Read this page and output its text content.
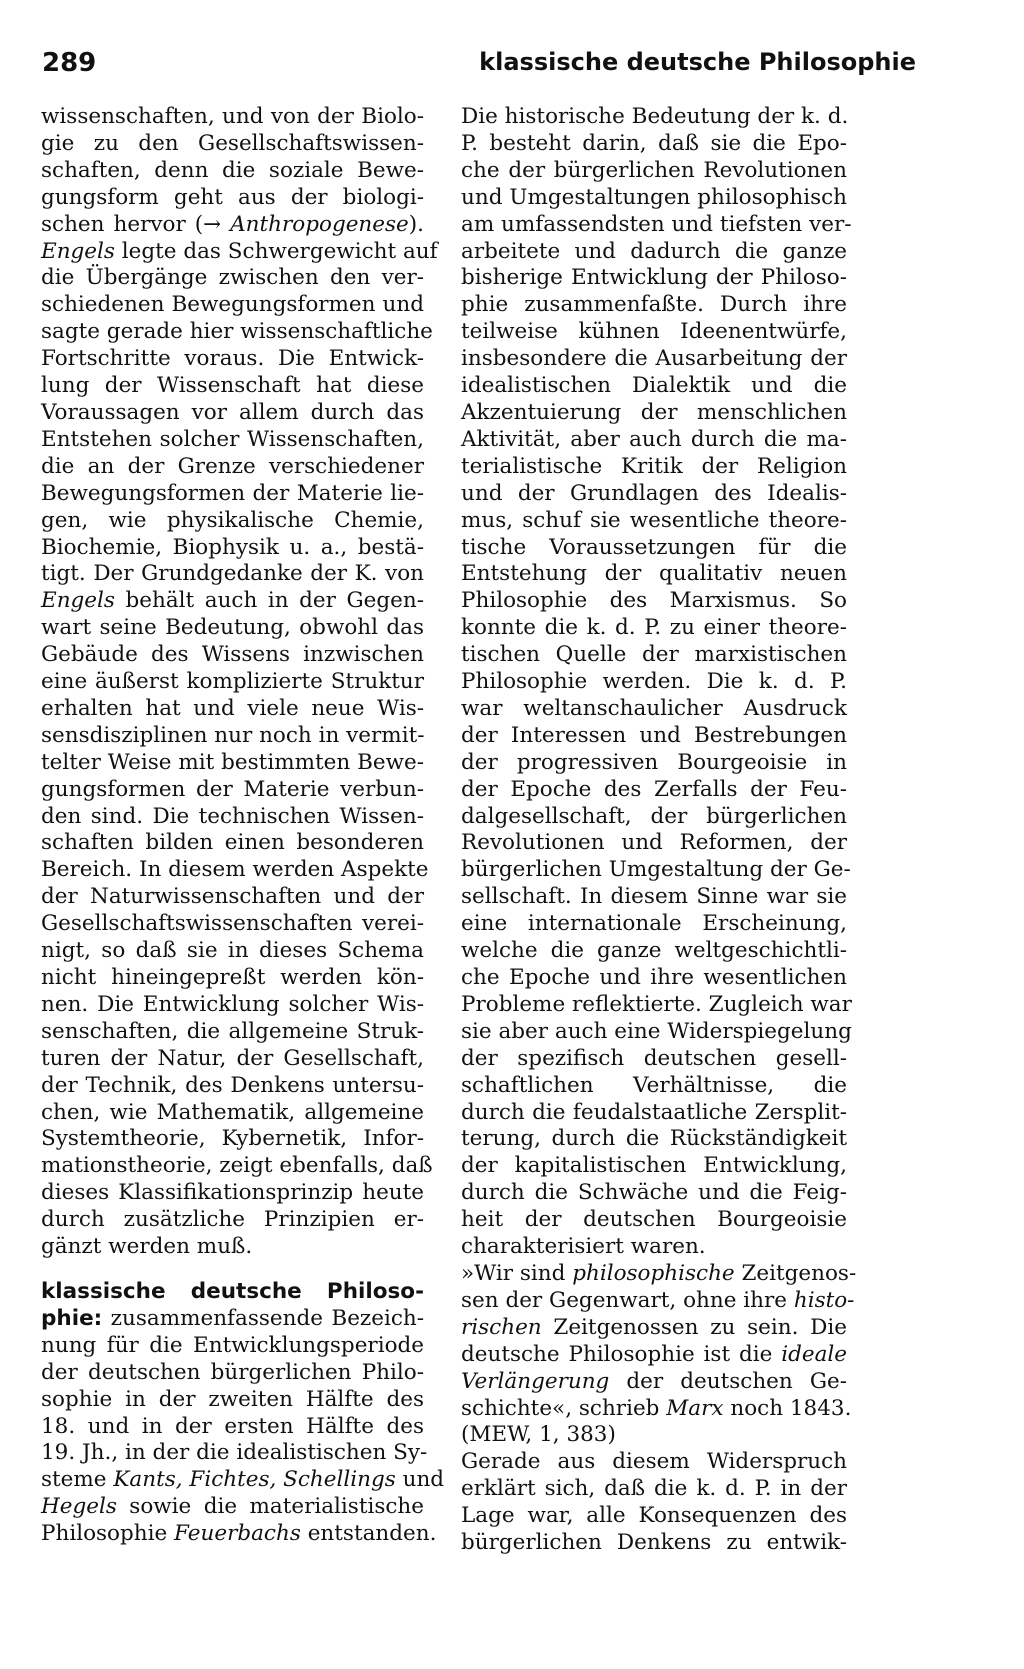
289	klassische deutsche Philosophie
wissenschaften, und von der Biolo-
gie zu den Gesellschaftswissen-
schaften, denn die soziale Bewe-
gungsform geht aus der biologi-
schen hervor (→ Anthropogenese).
Engels legte das Schwergewicht auf
die Übergänge zwischen den ver-
schiedenen Bewegungsformen und
sagte gerade hier wissenschaftliche
Fortschritte voraus. Die Entwick-
lung der Wissenschaft hat diese
Voraussagen vor allem durch das
Entstehen solcher Wissenschaften,
die an der Grenze verschiedener
Bewegungsformen der Materie lie-
gen, wie physikalische Chemie,
Biochemie, Biophysik u. a., bestä-
tigt. Der Grundgedanke der K. von
Engels behält auch in der Gegen-
wart seine Bedeutung, obwohl das
Gebäude des Wissens inzwischen
eine äußerst komplizierte Struktur
erhalten hat und viele neue Wis-
sensdisziplinen nur noch in vermit-
telter Weise mit bestimmten Bewe-
gungsformen der Materie verbun-
den sind. Die technischen Wissen-
schaften bilden einen besonderen
Bereich. In diesem werden Aspekte
der Naturwissenschaften und der
Gesellschaftswissenschaften verei-
nigt, so daß sie in dieses Schema
nicht hineingepreßt werden kön-
nen. Die Entwicklung solcher Wis-
senschaften, die allgemeine Struk-
turen der Natur, der Gesellschaft,
der Technik, des Denkens untersu-
chen, wie Mathematik, allgemeine
Systemtheorie, Kybernetik, Infor-
mationstheorie, zeigt ebenfalls, daß
dieses Klassifikationsprinzip heute
durch zusätzliche Prinzipien er-
gänzt werden muß.
klassische deutsche Philoso-
phie: zusammenfassende Bezeich-
nung für die Entwicklungsperiode
der deutschen bürgerlichen Philo-
sophie in der zweiten Hälfte des
18. und in der ersten Hälfte des
19. Jh., in der die idealistischen Sy-
steme Kants, Fichtes, Schellings und
Hegels sowie die materialistische
Philosophie Feuerbachs entstanden.
Die historische Bedeutung der k. d.
P. besteht darin, daß sie die Epo-
che der bürgerlichen Revolutionen
und Umgestaltungen philosophisch
am umfassendsten und tiefsten ver-
arbeitete und dadurch die ganze
bisherige Entwicklung der Philoso-
phie zusammenfaßte. Durch ihre
teilweise kühnen Ideenentwürfe,
insbesondere die Ausarbeitung der
idealistischen Dialektik und die
Akzentuierung der menschlichen
Aktivität, aber auch durch die ma-
terialistische Kritik der Religion
und der Grundlagen des Idealis-
mus, schuf sie wesentliche theore-
tische Voraussetzungen für die
Entstehung der qualitativ neuen
Philosophie des Marxismus. So
konnte die k. d. P. zu einer theore-
tischen Quelle der marxistischen
Philosophie werden. Die k. d. P.
war weltanschaulicher Ausdruck
der Interessen und Bestrebungen
der progressiven Bourgeoisie in
der Epoche des Zerfalls der Feu-
dalgesellschaft, der bürgerlichen
Revolutionen und Reformen, der
bürgerlichen Umgestaltung der Ge-
sellschaft. In diesem Sinne war sie
eine internationale Erscheinung,
welche die ganze weltgeschichtli-
che Epoche und ihre wesentlichen
Probleme reflektierte. Zugleich war
sie aber auch eine Widerspiegelung
der spezifisch deutschen gesell-
schaftlichen Verhältnisse, die
durch die feudalstaatliche Zersplit-
terung, durch die Rückständigkeit
der kapitalistischen Entwicklung,
durch die Schwäche und die Feig-
heit der deutschen Bourgeoisie
charakterisiert waren.
»Wir sind philosophische Zeitgenos-
sen der Gegenwart, ohne ihre histo-
rischen Zeitgenossen zu sein. Die
deutsche Philosophie ist die ideale
Verlängerung der deutschen Ge-
schichte«, schrieb Marx noch 1843.
(MEW, 1, 383)
Gerade aus diesem Widerspruch
erklärt sich, daß die k. d. P. in der
Lage war, alle Konsequenzen des
bürgerlichen Denkens zu entwik-
